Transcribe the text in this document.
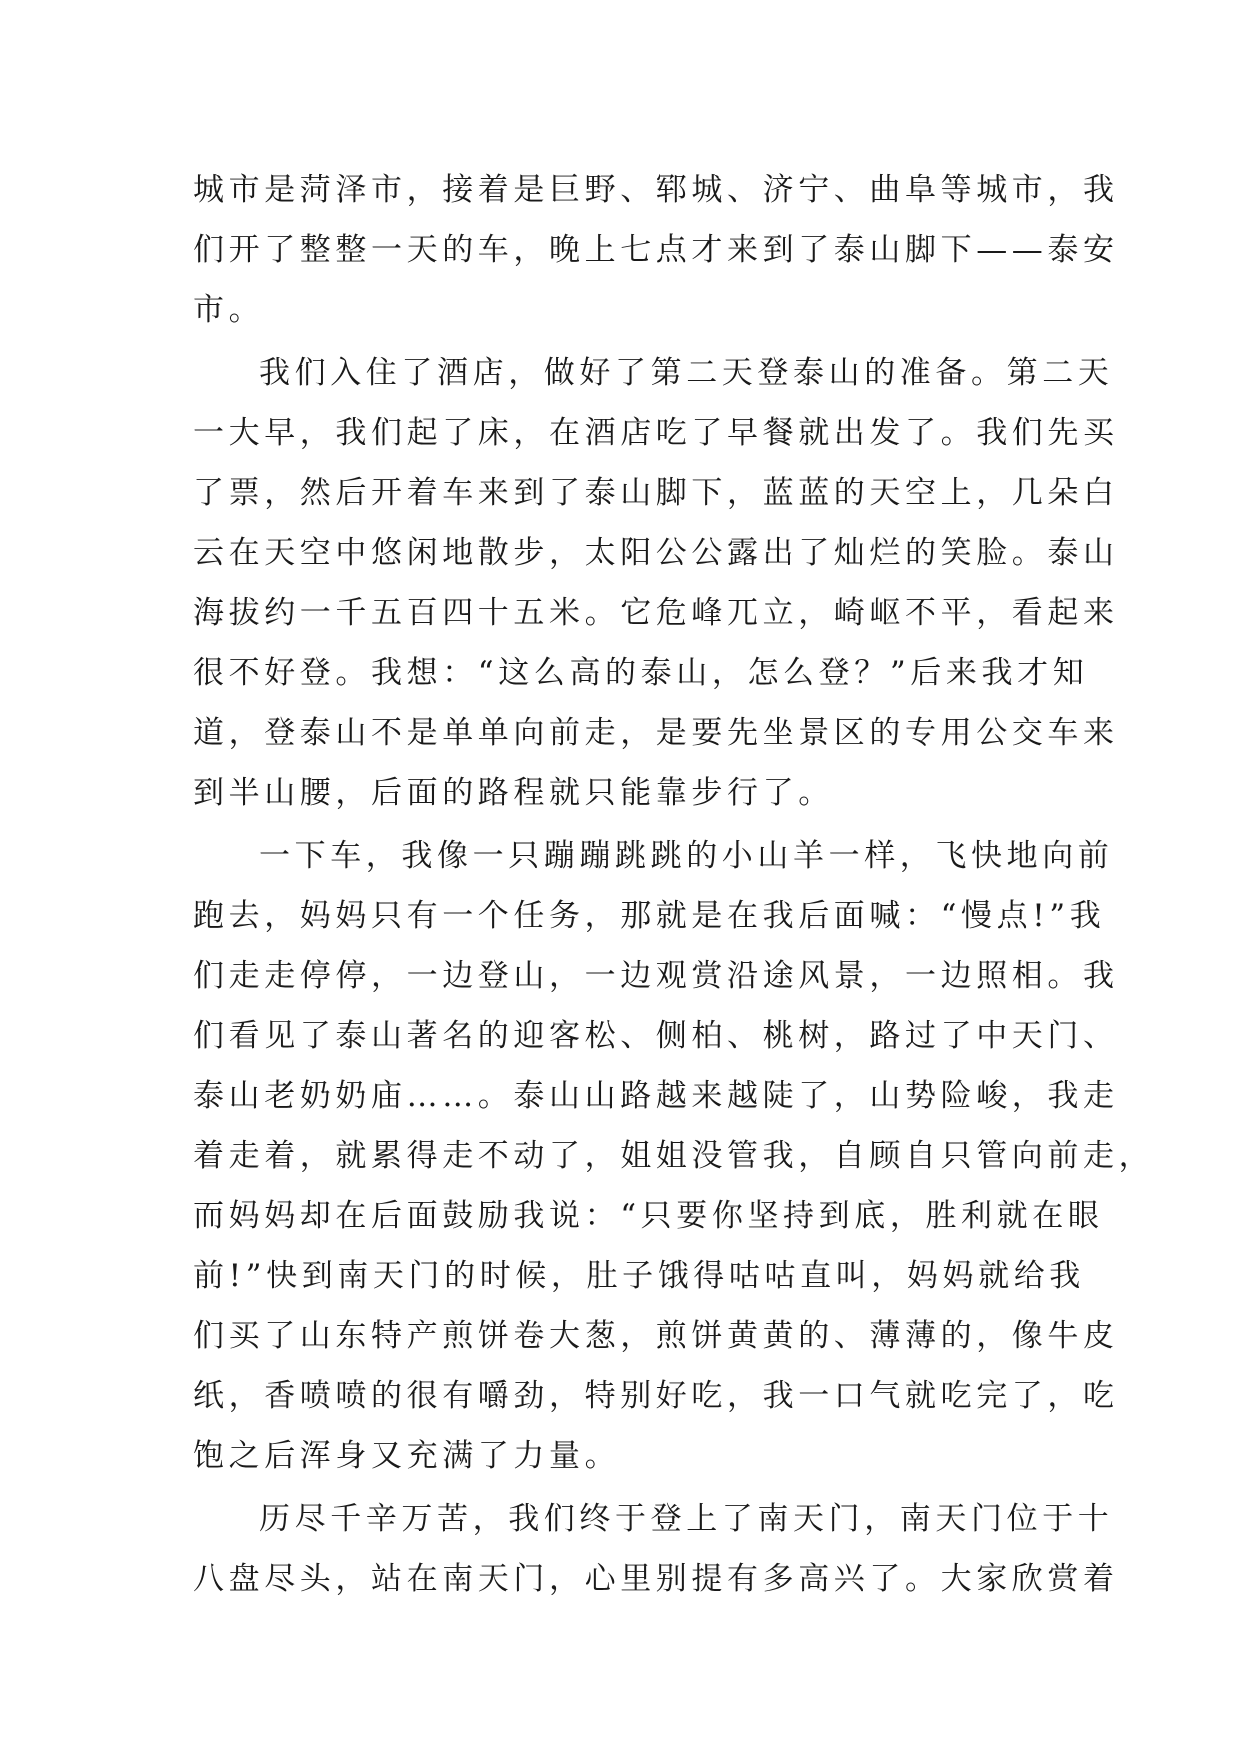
城市是菏泽市，接着是巨野、郓城、济宁、曲阜等城市，我
们开了整整一天的车，晚上七点才来到了泰山脚下——泰安
市。
我们入住了酒店，做好了第二天登泰山的准备。第二天
一大早，我们起了床，在酒店吃了早餐就出发了。我们先买
了票，然后开着车来到了泰山脚下，蓝蓝的天空上，几朵白
云在天空中悠闲地散步，太阳公公露出了灿烂的笑脸。泰山
海拔约一千五百四十五米。它危峰兀立，崎岖不平，看起来
很不好登。我想：“这么高的泰山，怎么登？”后来我才知
道，登泰山不是单单向前走，是要先坐景区的专用公交车来
到半山腰，后面的路程就只能靠步行了。
一下车，我像一只蹦蹦跳跳的小山羊一样，飞快地向前
跑去，妈妈只有一个任务，那就是在我后面喊：“慢点!”我
们走走停停，一边登山，一边观赏沿途风景，一边照相。我
们看见了泰山著名的迎客松、侧柏、桃树，路过了中天门、
泰山老奶奶庙……。泰山山路越来越陡了，山势险峻，我走
着走着，就累得走不动了，姐姐没管我，自顾自只管向前走，
而妈妈却在后面鼓励我说：“只要你坚持到底，胜利就在眼
前!”快到南天门的时候，肚子饿得咕咕直叫，妈妈就给我
们买了山东特产煎饼卷大葱，煎饼黄黄的、薄薄的，像牛皮
纸，香喷喷的很有嚼劲，特别好吃，我一口气就吃完了，吃
饱之后浑身又充满了力量。
历尽千辛万苦，我们终于登上了南天门，南天门位于十
八盘尽头，站在南天门，心里别提有多高兴了。大家欣赏着
